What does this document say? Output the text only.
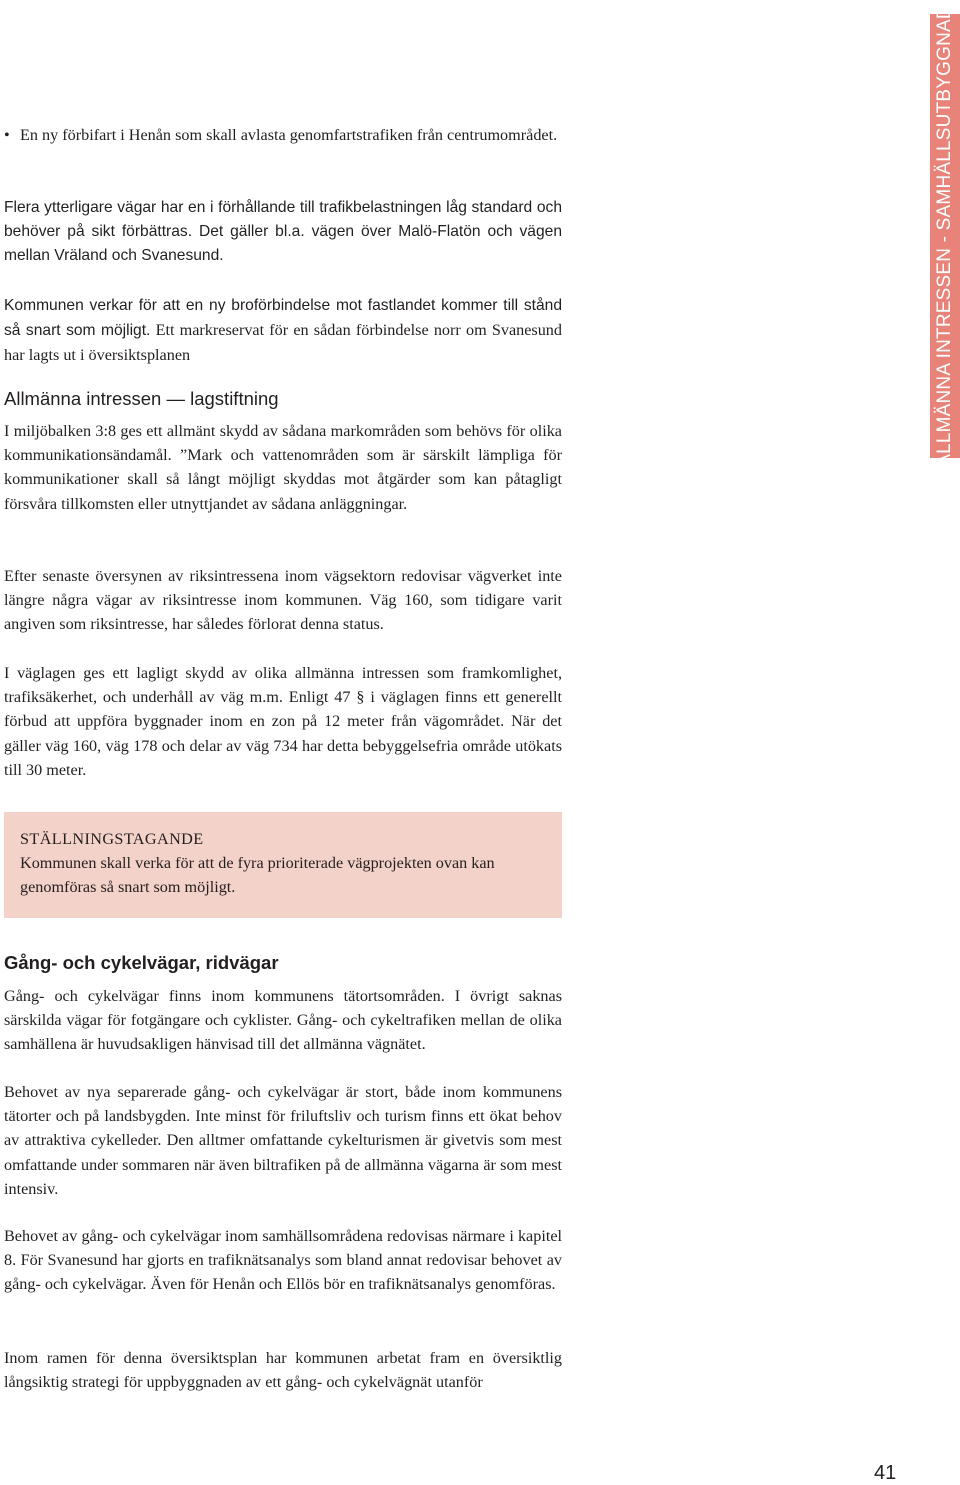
ALLMÄNNA INTRESSEN - SAMHÄLLSUTBYGGNAD

• En ny förbifart i Henån som skall avlasta genomfartstrafiken från centrumområdet.

Flera ytterligare vägar har en i förhållande till trafikbelastningen låg standard och behöver på sikt förbättras. Det gäller bl.a. vägen över Malö-Flatön och vägen mellan Vräland och Svanesund.

Kommunen verkar för att en ny broförbindelse mot fastlandet kommer till stånd så snart som möjligt. Ett markreservat för en sådan förbindelse norr om Svanesund har lagts ut i översiktsplanen

Allmänna intressen — lagstiftning

I miljöbalken 3:8 ges ett allmänt skydd av sådana markområden som behövs för olika kommunikationsändamål. ”Mark och vattenområden som är särskilt lämpliga för kommunikationer skall så långt möjligt skyddas mot åtgärder som kan påtagligt försvåra tillkomsten eller utnyttjandet av sådana anläggningar.

Efter senaste översynen av riksintressena inom vägsektorn redovisar vägverket inte längre några vägar av riksintresse inom kommunen. Väg 160, som tidigare varit angiven som riksintresse, har således förlorat denna status.

I väglagen ges ett lagligt skydd av olika allmänna intressen som framkomlighet, trafiksäkerhet, och underhåll av väg m.m. Enligt 47 § i väglagen finns ett generellt förbud att uppföra byggnader inom en zon på 12 meter från vägområdet. När det gäller väg 160, väg 178 och delar av väg 734 har detta bebyggelsefria område utökats till 30 meter.

STÄLLNINGSTAGANDE

Kommunen skall verka för att de fyra prioriterade vägprojekten ovan kan genomföras så snart som möjligt.

Gång- och cykelvägar, ridvägar

Gång- och cykelvägar finns inom kommunens tätortsområden. I övrigt saknas särskilda vägar för fotgängare och cyklister. Gång- och cykeltrafiken mellan de olika samhällena är huvudsakligen hänvisad till det allmänna vägnätet.

Behovet av nya separerade gång- och cykelvägar är stort, både inom kommunens tätorter och på landsbygden. Inte minst för friluftsliv och turism finns ett ökat behov av attraktiva cykelleder. Den alltmer omfattande cykelturismen är givetvis som mest omfattande under sommaren när även biltrafiken på de allmänna vägarna är som mest intensiv.

Behovet av gång- och cykelvägar inom samhällsområdena redovisas närmare i kapitel 8. För Svanesund har gjorts en trafiknätsanalys som bland annat redovisar behovet av gång- och cykelvägar. Även för Henån och Ellös bör en trafiknätsanalys genomföras.

Inom ramen för denna översiktsplan har kommunen arbetat fram en översiktlig långsiktig strategi för uppbyggnaden av ett gång- och cykelvägnät utanför

41
